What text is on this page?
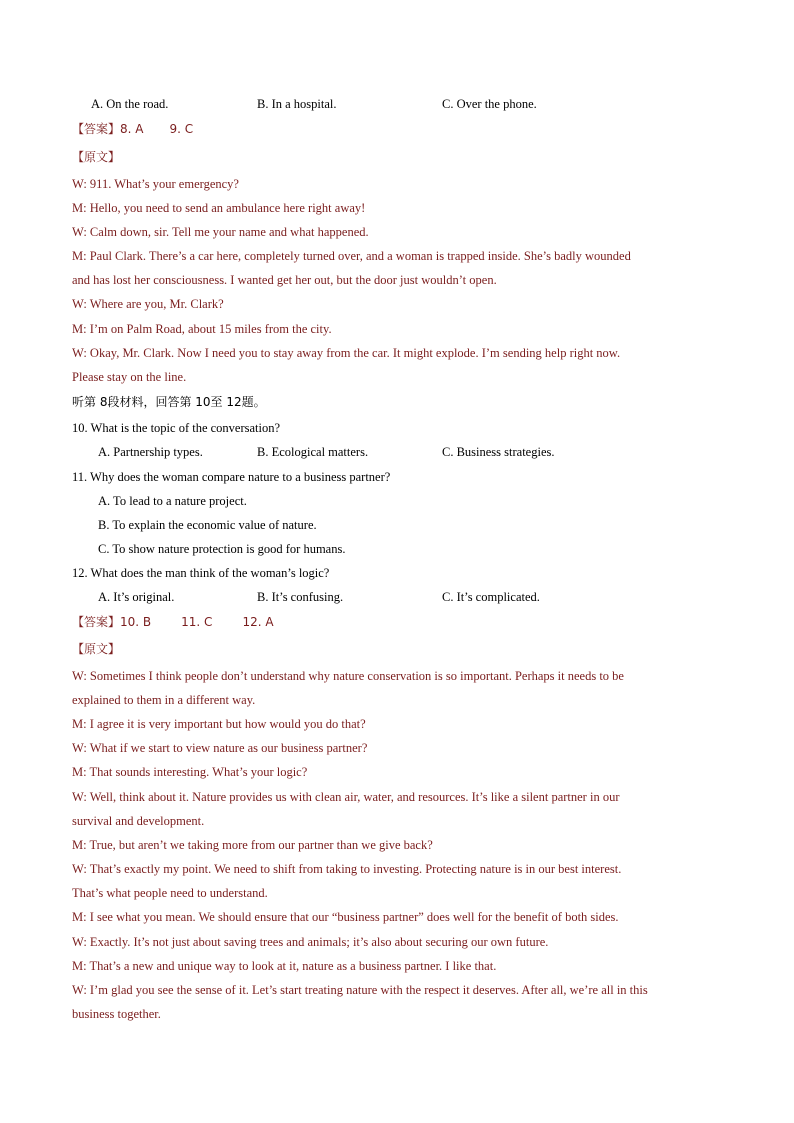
A. On the road.	B. In a hospital.	C. Over the phone.
【答案】8. A 9. C
【原文】
W: 911. What’s your emergency?
M: Hello, you need to send an ambulance here right away!
W: Calm down, sir. Tell me your name and what happened.
M: Paul Clark. There’s a car here, completely turned over, and a woman is trapped inside. She’s badly wounded
and has lost her consciousness. I wanted get her out, but the door just wouldn’t open.
W: Where are you, Mr. Clark?
M: I’m on Palm Road, about 15 miles from the city.
W: Okay, Mr. Clark. Now I need you to stay away from the car. It might explode. I’m sending help right now.
Please stay on the line.
听第 8段材料，回答第 10至 12题。
10. What is the topic of the conversation?
A. Partnership types.	B. Ecological matters.	C. Business strategies.
11. Why does the woman compare nature to a business partner?
A. To lead to a nature project.
B. To explain the economic value of nature.
C. To show nature protection is good for humans.
12. What does the man think of the woman’s logic?
A. It’s original.	B. It’s confusing.	C. It’s complicated.
【答案】10. B	11. C	12. A
【原文】
W: Sometimes I think people don’t understand why nature conservation is so important. Perhaps it needs to be
explained to them in a different way.
M: I agree it is very important but how would you do that?
W: What if we start to view nature as our business partner?
M: That sounds interesting. What’s your logic?
W: Well, think about it. Nature provides us with clean air, water, and resources. It’s like a silent partner in our
survival and development.
M: True, but aren’t we taking more from our partner than we give back?
W: That’s exactly my point. We need to shift from taking to investing. Protecting nature is in our best interest.
That’s what people need to understand.
M: I see what you mean. We should ensure that our “business partner” does well for the benefit of both sides.
W: Exactly. It’s not just about saving trees and animals; it’s also about securing our own future.
M: That’s a new and unique way to look at it, nature as a business partner. I like that.
W: I’m glad you see the sense of it. Let’s start treating nature with the respect it deserves. After all, we’re all in this
business together.
